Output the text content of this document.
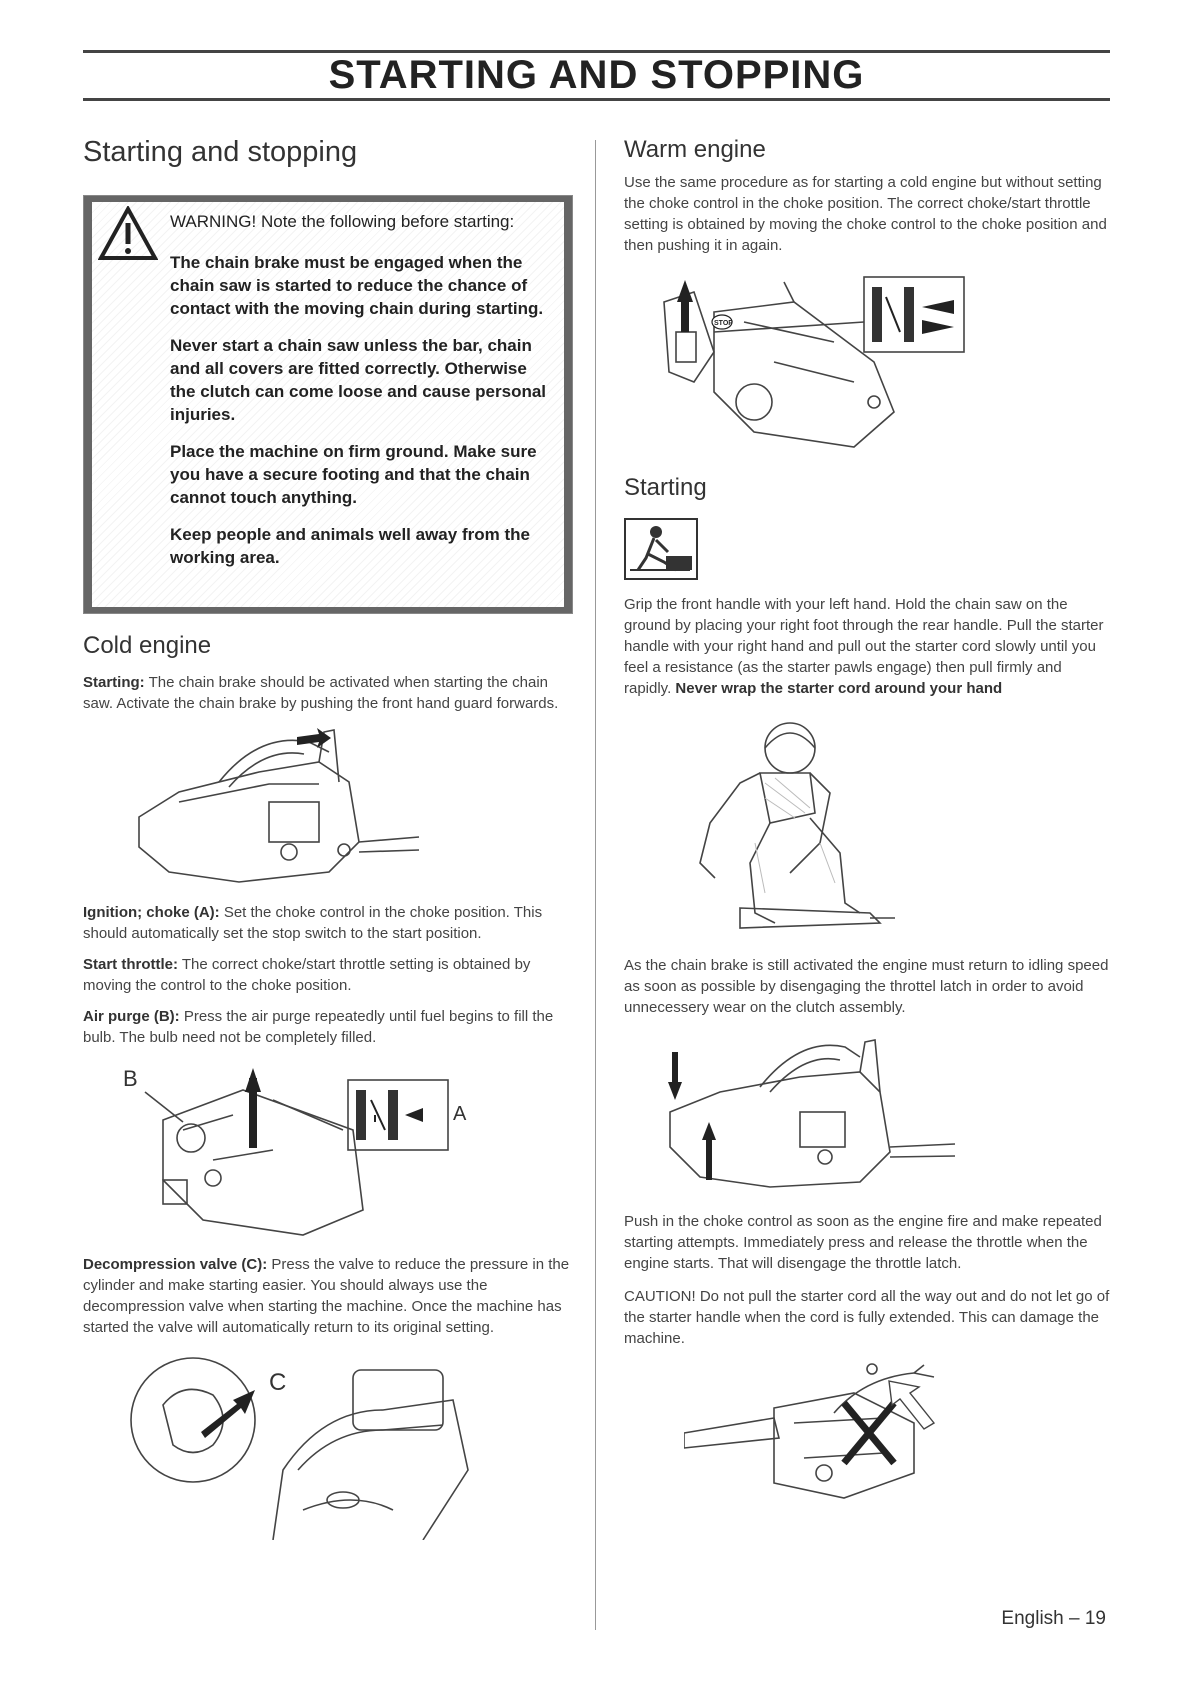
STARTING AND STOPPING
Starting and stopping

WARNING! Note the following before starting:

The chain brake must be engaged when the chain saw is started to reduce the chance of contact with the moving chain during starting.

Never start a chain saw unless the bar, chain and all covers are fitted correctly. Otherwise the clutch can come loose and cause personal injuries.

Place the machine on firm ground. Make sure you have a secure footing and that the chain cannot touch anything.

Keep people and animals well away from the working area.

Cold engine

Starting: The chain brake should be activated when starting the chain saw. Activate the chain brake by pushing the front hand guard forwards.

Ignition; choke (A): Set the choke control in the choke position. This should automatically set the stop switch to the start position.

Start throttle: The correct choke/start throttle setting is obtained by moving the control to the choke position.

Air purge (B): Press the air purge repeatedly until fuel begins to fill the bulb. The bulb need not be completely filled.

B
A

Decompression valve (C): Press the valve to reduce the pressure in the cylinder and make starting easier. You should always use the decompression valve when starting the machine. Once the machine has started the valve will automatically return to its original setting.

C
Warm engine

Use the same procedure as for starting a cold engine but without setting the choke control in the choke position. The correct choke/start throttle setting is obtained by moving the choke control to the choke position and then pushing it in again.

STOP
Starting

Grip the front handle with your left hand. Hold the chain saw on the ground by placing your right foot through the rear handle. Pull the starter handle with your right hand and pull out the starter cord slowly until you feel a resistance (as the starter pawls engage) then pull firmly and rapidly. Never wrap the starter cord around your hand

As the chain brake is still activated the engine must return to idling speed as soon as possible by disengaging the throttel latch in order to avoid unnecessery wear on the clutch assembly.

Push in the choke control as soon as the engine fire and make repeated starting attempts. Immediately press and release the throttle when the engine starts. That will disengage the throttle latch.

CAUTION! Do not pull the starter cord all the way out and do not let go of the starter handle when the cord is fully extended. This can damage the machine.

English – 19
